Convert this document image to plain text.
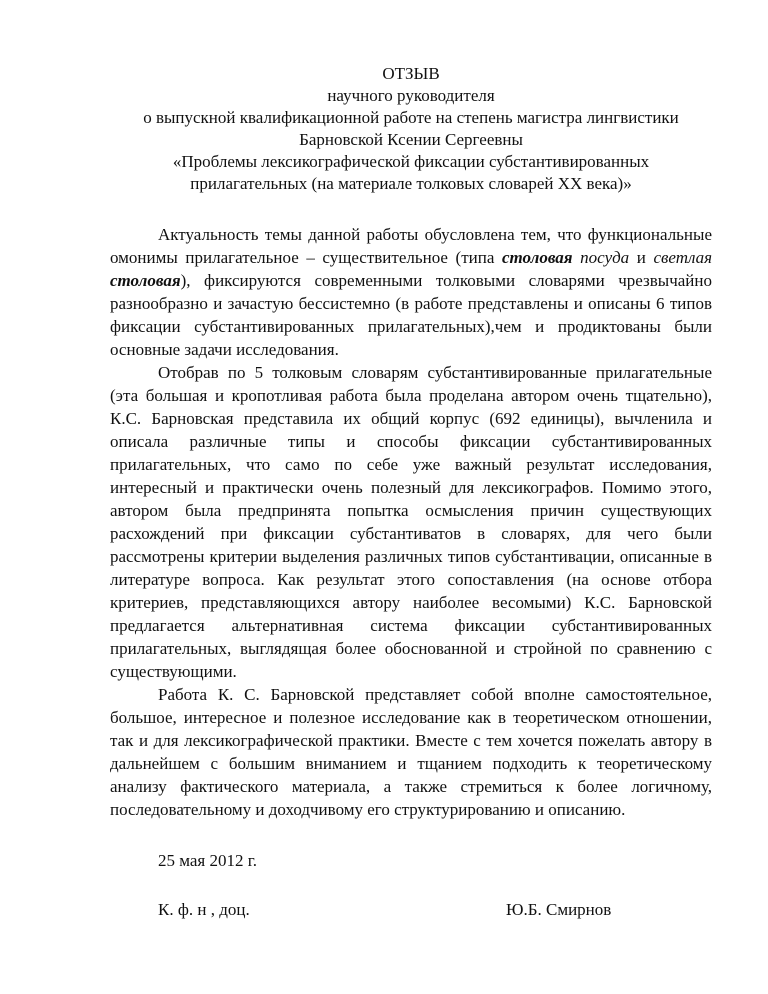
ОТЗЫВ
научного руководителя
о выпускной квалификационной работе на степень магистра лингвистики
Барновской Ксении Сергеевны
«Проблемы лексикографической фиксации субстантивированных
прилагательных (на материале толковых словарей XX века)»

Актуальность темы данной работы обусловлена тем, что функциональные омонимы прилагательное – существительное (типа столовая посуда и светлая столовая), фиксируются современными толковыми словарями чрезвычайно разнообразно и зачастую бессистемно (в работе представлены и описаны 6 типов фиксации субстантивированных прилагательных),чем и продиктованы были основные задачи исследования.

Отобрав по 5 толковым словарям субстантивированные прилагательные (эта большая и кропотливая работа была проделана автором очень тщательно), К.С. Барновская представила их общий корпус (692 единицы), вычленила и описала различные типы и способы фиксации субстантивированных прилагательных, что само по себе уже важный результат исследования, интересный и практически очень полезный для лексикографов. Помимо этого, автором была предпринята попытка осмысления причин существующих расхождений при фиксации субстантиватов в словарях, для чего были рассмотрены критерии выделения различных типов субстантивации, описанные в литературе вопроса. Как результат этого сопоставления (на основе отбора критериев, представляющихся автору наиболее весомыми) К.С. Барновской предлагается альтернативная система фиксации субстантивированных прилагательных, выглядящая более обоснованной и стройной по сравнению с существующими.

Работа К. С. Барновской представляет собой вполне самостоятельное, большое, интересное и полезное исследование как в теоретическом отношении, так и для лексикографической практики. Вместе с тем хочется пожелать автору в дальнейшем с большим вниманием и тщанием подходить к теоретическому анализу фактического материала, а также стремиться к более логичному, последовательному и доходчивому его структурированию и описанию.

25 мая 2012 г.
К. ф. н , доц.	Ю.Б. Смирнов
